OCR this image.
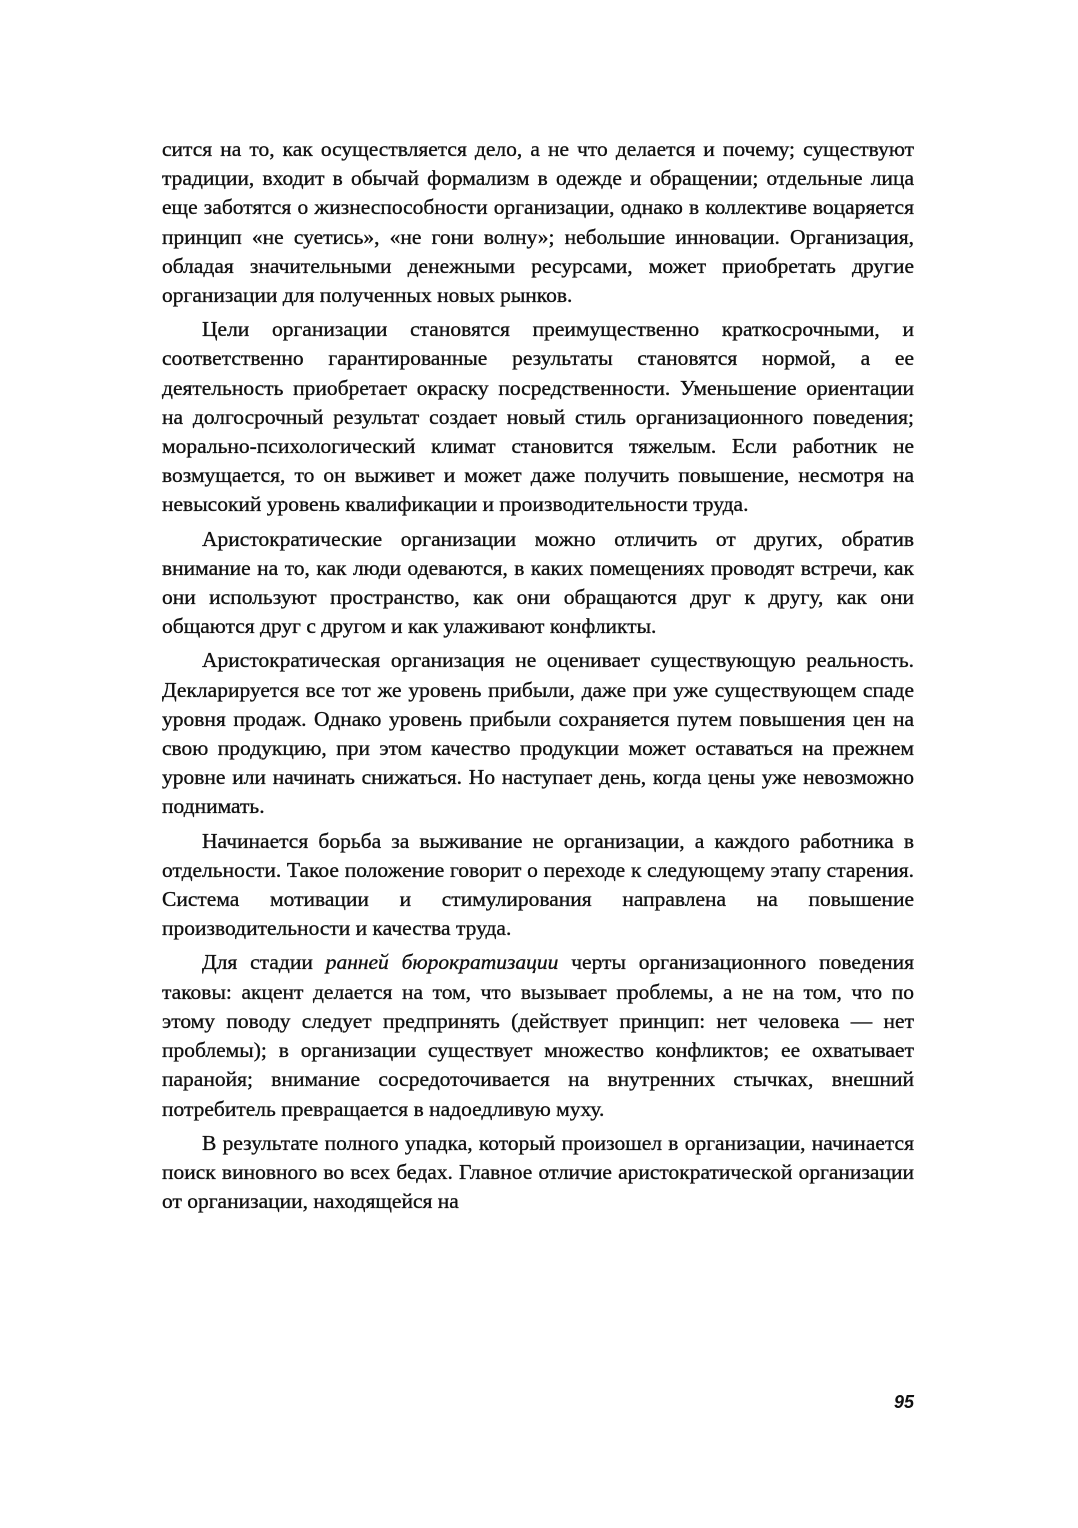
сится на то, как осуществляется дело, а не что делается и почему; существуют традиции, входит в обычай формализм в одежде и обращении; отдельные лица еще заботятся о жизнеспособности организации, однако в коллективе воцаряется принцип «не суетись», «не гони волну»; небольшие инновации. Организация, обладая значительными денежными ресурсами, может приобретать другие организации для полученных новых рынков.

Цели организации становятся преимущественно краткосрочными, и соответственно гарантированные результаты становятся нормой, а ее деятельность приобретает окраску посредственности. Уменьшение ориентации на долгосрочный результат создает новый стиль организационного поведения; морально-психологический климат становится тяжелым. Если работник не возмущается, то он выживет и может даже получить повышение, несмотря на невысокий уровень квалификации и производительности труда.

Аристократические организации можно отличить от других, обратив внимание на то, как люди одеваются, в каких помещениях проводят встречи, как они используют пространство, как они обращаются друг к другу, как они общаются друг с другом и как улаживают конфликты.

Аристократическая организация не оценивает существующую реальность. Декларируется все тот же уровень прибыли, даже при уже существующем спаде уровня продаж. Однако уровень прибыли сохраняется путем повышения цен на свою продукцию, при этом качество продукции может оставаться на прежнем уровне или начинать снижаться. Но наступает день, когда цены уже невозможно поднимать.

Начинается борьба за выживание не организации, а каждого работника в отдельности. Такое положение говорит о переходе к следующему этапу старения. Система мотивации и стимулирования направлена на повышение производительности и качества труда.

Для стадии ранней бюрократизации черты организационного поведения таковы: акцент делается на том, что вызывает проблемы, а не на том, что по этому поводу следует предпринять (действует принцип: нет человека — нет проблемы); в организации существует множество конфликтов; ее охватывает паранойя; внимание сосредоточивается на внутренних стычках, внешний потребитель превращается в надоедливую муху.

В результате полного упадка, который произошел в организации, начинается поиск виновного во всех бедах. Главное отличие аристократической организации от организации, находящейся на

95
